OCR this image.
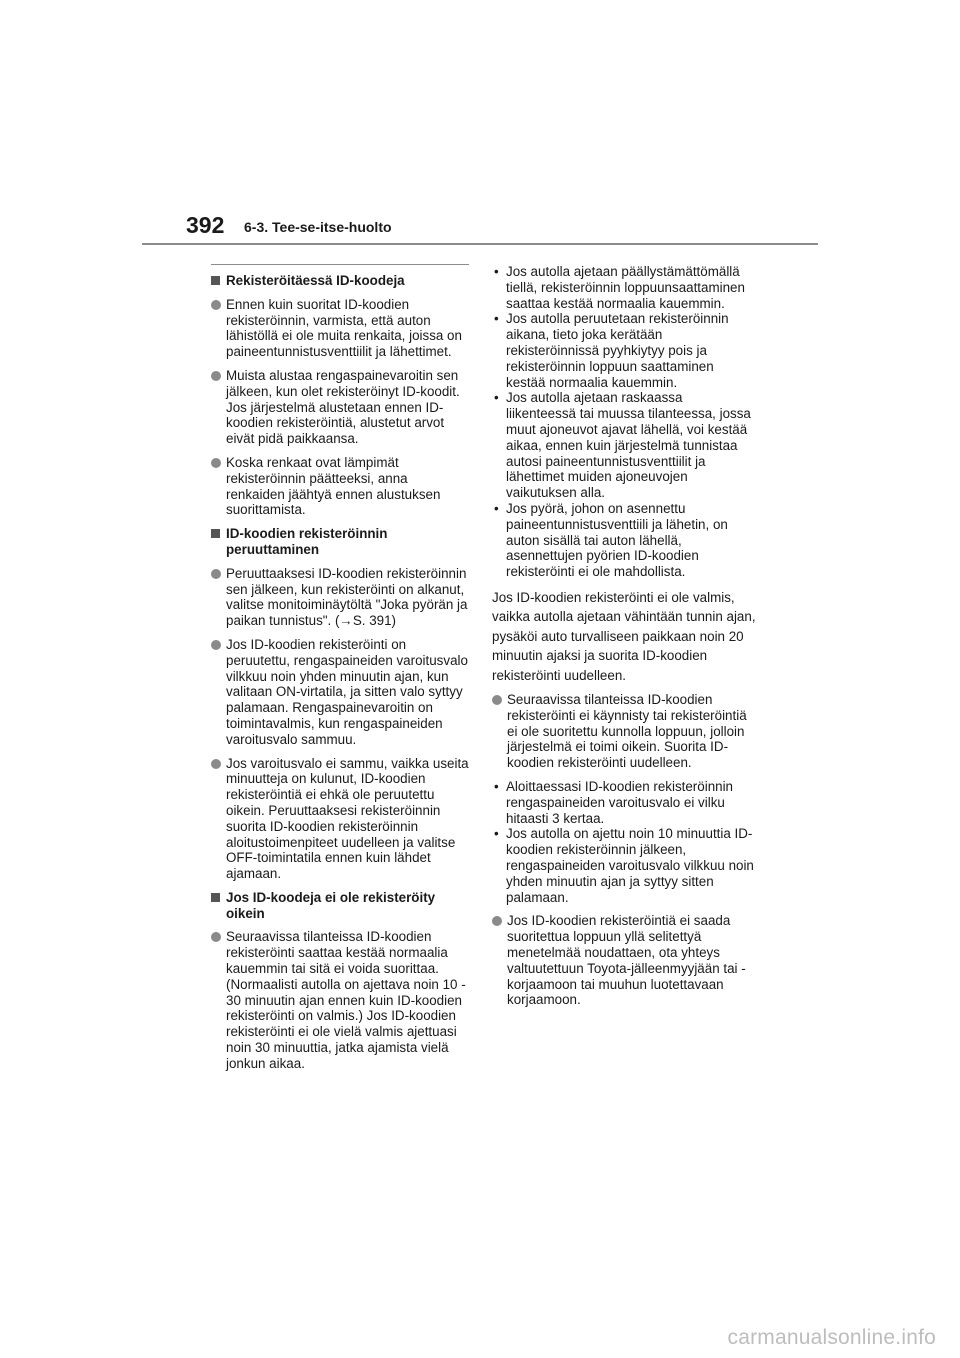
392 6-3. Tee-se-itse-huolto
Rekisteröitäessä ID-koodeja
Ennen kuin suoritat ID-koodien rekisteröinnin, varmista, että auton lähistöllä ei ole muita renkaita, joissa on paineentunnistusventtiilit ja lähettimet.
Muista alustaa rengaspainevaroitin sen jälkeen, kun olet rekisteröinyt ID-koodit. Jos järjestelmä alustetaan ennen ID-koodien rekisteröintiä, alustetut arvot eivät pidä paikkaansa.
Koska renkaat ovat lämpimät rekisteröinnin päätteeksi, anna renkaiden jäähtyä ennen alustuksen suorittamista.
ID-koodien rekisteröinnin peruuttaminen
Peruuttaaksesi ID-koodien rekisteröinnin sen jälkeen, kun rekisteröinti on alkanut, valitse monitoiminäytöltä "Joka pyörän ja paikan tunnistus". (→S. 391)
Jos ID-koodien rekisteröinti on peruutettu, rengaspaineiden varoitusvalo vilkkuu noin yhden minuutin ajan, kun valitaan ON-virtatila, ja sitten valo syttyy palamaan. Rengaspainevaroitin on toimintavalmis, kun rengaspaineiden varoitusvalo sammuu.
Jos varoitusvalo ei sammu, vaikka useita minuutteja on kulunut, ID-koodien rekisteröintiä ei ehkä ole peruutettu oikein. Peruuttaaksesi rekisteröinnin suorita ID-koodien rekisteröinnin aloitustoimenpiteet uudelleen ja valitse OFF-toimintatila ennen kuin lähdet ajamaan.
Jos ID-koodeja ei ole rekisteröity oikein
Seuraavissa tilanteissa ID-koodien rekisteröinti saattaa kestää normaalia kauemmin tai sitä ei voida suorittaa. (Normaalisti autolla on ajettava noin 10 - 30 minuutin ajan ennen kuin ID-koodien rekisteröinti on valmis.) Jos ID-koodien rekisteröinti ei ole vielä valmis ajettuasi noin 30 minuuttia, jatka ajamista vielä jonkun aikaa.
• Jos autolla ajetaan päällystämättömällä tiellä, rekisteröinnin loppuunsaattaminen saattaa kestää normaalia kauemmin.
• Jos autolla peruutetaan rekisteröinnin aikana, tieto joka kerätään rekisteröinnissä pyyhkiytyy pois ja rekisteröinnin loppuun saattaminen kestää normaalia kauemmin.
• Jos autolla ajetaan raskaassa liikenteessä tai muussa tilanteessa, jossa muut ajoneuvot ajavat lähellä, voi kestää aikaa, ennen kuin järjestelmä tunnistaa autosi paineentunnistusventtiilit ja lähettimet muiden ajoneuvojen vaikutuksen alla.
• Jos pyörä, johon on asennettu paineentunnistusventtiili ja lähetin, on auton sisällä tai auton lähellä, asennettujen pyörien ID-koodien rekisteröinti ei ole mahdollista.
Jos ID-koodien rekisteröinti ei ole valmis, vaikka autolla ajetaan vähintään tunnin ajan, pysäköi auto turvalliseen paikkaan noin 20 minuutin ajaksi ja suorita ID-koodien rekisteröinti uudelleen.
Seuraavissa tilanteissa ID-koodien rekisteröinti ei käynnisty tai rekisteröintiä ei ole suoritettu kunnolla loppuun, jolloin järjestelmä ei toimi oikein. Suorita ID-koodien rekisteröinti uudelleen.
• Aloittaessasi ID-koodien rekisteröinnin rengaspaineiden varoitusvalo ei vilku hitaasti 3 kertaa.
• Jos autolla on ajettu noin 10 minuuttia ID-koodien rekisteröinnin jälkeen, rengaspaineiden varoitusvalo vilkkuu noin yhden minuutin ajan ja syttyy sitten palamaan.
Jos ID-koodien rekisteröintiä ei saada suoritettua loppuun yllä selitettyä menetelmää noudattaen, ota yhteys valtuutettuun Toyota-jälleenmyyjään tai -korjaamoon tai muuhun luotettavaan korjaamoon.
carmanualsonline.info
